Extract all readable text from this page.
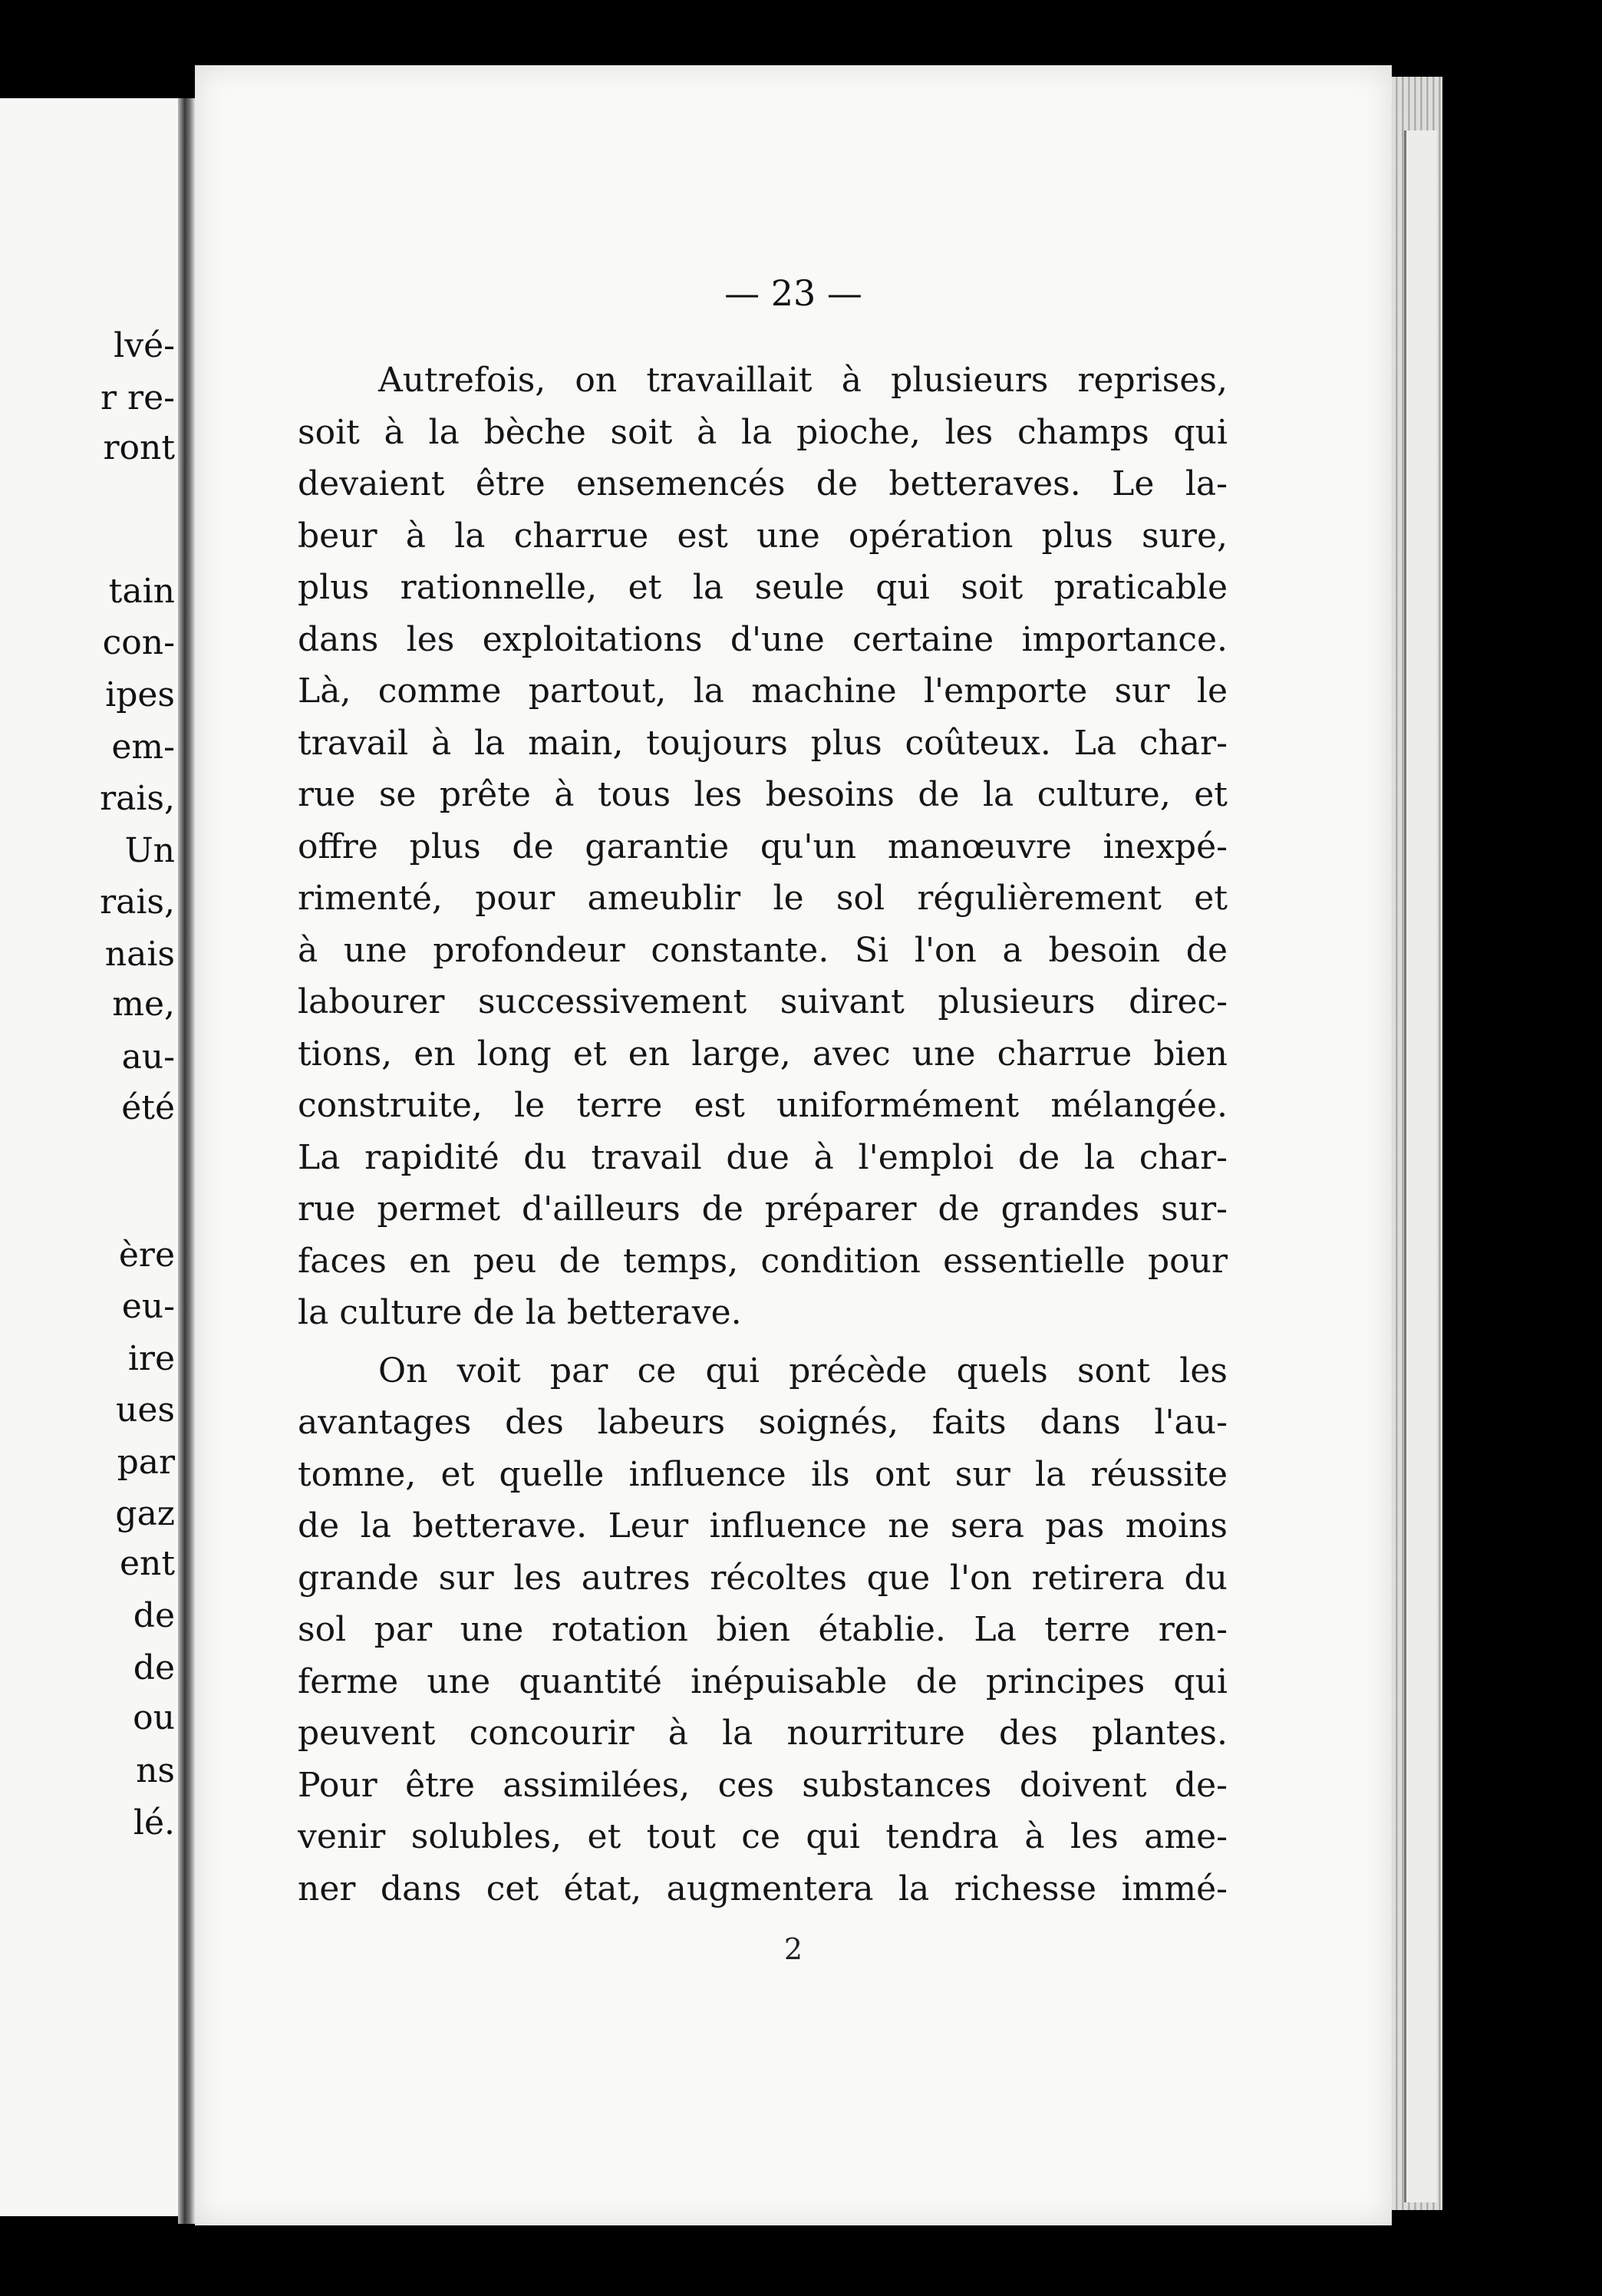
lvé-
r re-
ront
tain
con-
ipes
em-
rais,
Un
rais,
nais
me,
au-
été
ère
eu-
ire
ues
par
gaz
ent
de
de
ou
ns
lé.
— 23 —
Autrefois, on travaillait à plusieurs reprises,
soit à la bèche soit à la pioche, les champs qui
devaient être ensemencés de betteraves. Le la-
beur à la charrue est une opération plus sure,
plus rationnelle, et la seule qui soit praticable
dans les exploitations d'une certaine importance.
Là, comme partout, la machine l'emporte sur le
travail à la main, toujours plus coûteux. La char-
rue se prête à tous les besoins de la culture, et
offre plus de garantie qu'un manœuvre inexpé-
rimenté, pour ameublir le sol régulièrement et
à une profondeur constante. Si l'on a besoin de
labourer successivement suivant plusieurs direc-
tions, en long et en large, avec une charrue bien
construite, le terre est uniformément mélangée.
La rapidité du travail due à l'emploi de la char-
rue permet d'ailleurs de préparer de grandes sur-
faces en peu de temps, condition essentielle pour
la culture de la betterave.
On voit par ce qui précède quels sont les
avantages des labeurs soignés, faits dans l'au-
tomne, et quelle influence ils ont sur la réussite
de la betterave. Leur influence ne sera pas moins
grande sur les autres récoltes que l'on retirera du
sol par une rotation bien établie. La terre ren-
ferme une quantité inépuisable de principes qui
peuvent concourir à la nourriture des plantes.
Pour être assimilées, ces substances doivent de-
venir solubles, et tout ce qui tendra à les ame-
ner dans cet état, augmentera la richesse immé-
2
